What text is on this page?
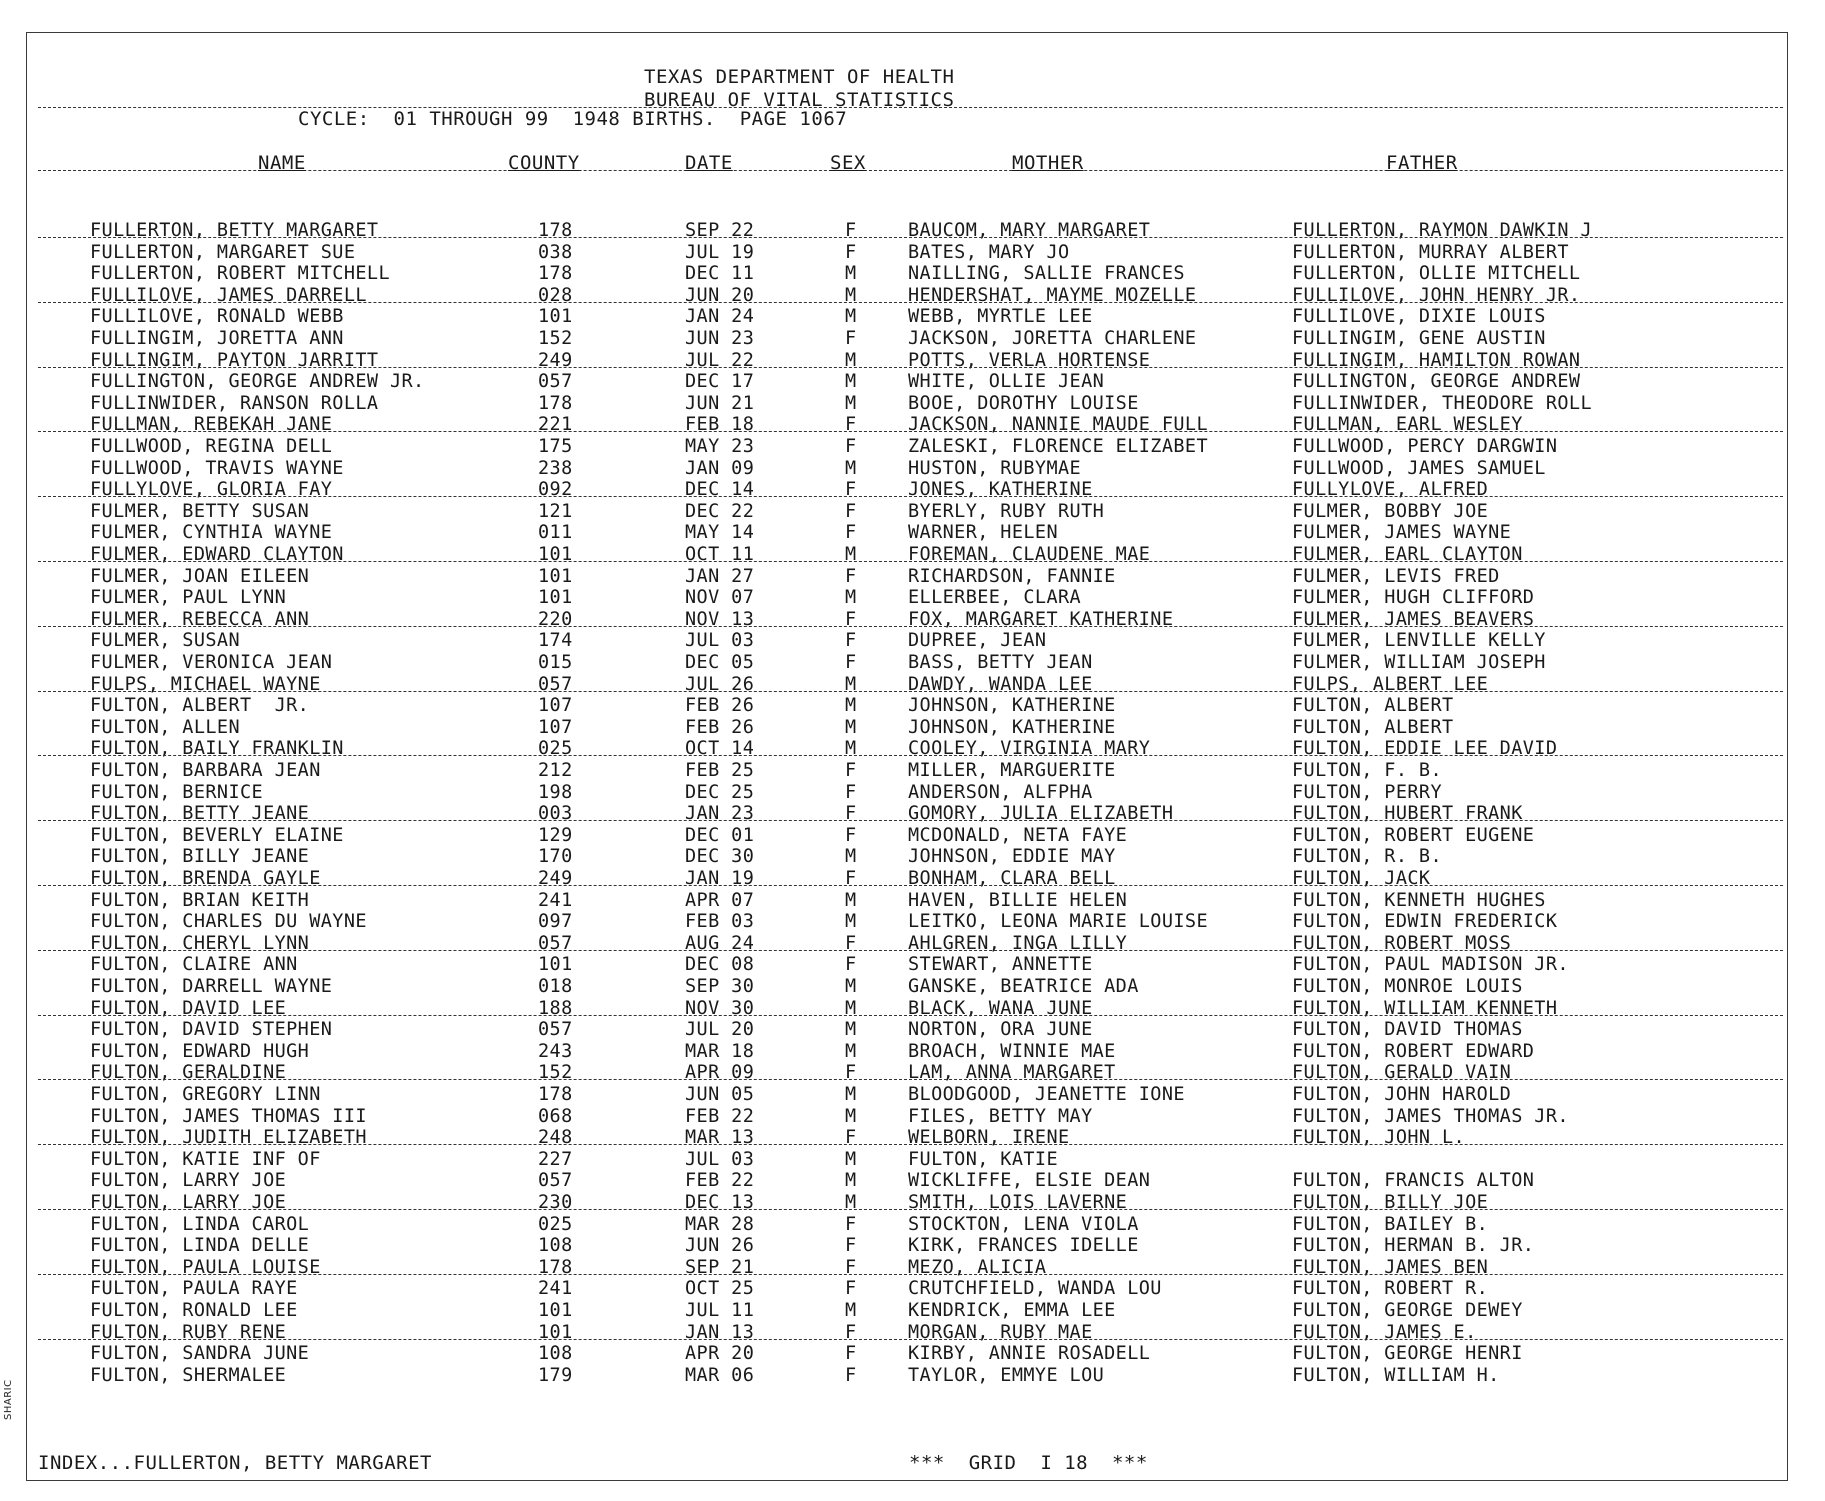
SHARIC
TEXAS DEPARTMENT OF HEALTH
BUREAU OF VITAL STATISTICS
CYCLE:  01 THROUGH 99  1948 BIRTHS.  PAGE 1067
NAME	COUNTY	DATE	SEX	MOTHER	FATHER
FULLERTON, BETTY MARGARET	178	SEP 22	F	BAUCOM, MARY MARGARET	FULLERTON, RAYMON DAWKIN J
FULLERTON, MARGARET SUE	038	JUL 19	F	BATES, MARY JO	FULLERTON, MURRAY ALBERT
FULLERTON, ROBERT MITCHELL	178	DEC 11	M	NAILLING, SALLIE FRANCES	FULLERTON, OLLIE MITCHELL
FULLILOVE, JAMES DARRELL	028	JUN 20	M	HENDERSHAT, MAYME MOZELLE	FULLILOVE, JOHN HENRY JR.
FULLILOVE, RONALD WEBB	101	JAN 24	M	WEBB, MYRTLE LEE	FULLILOVE, DIXIE LOUIS
FULLINGIM, JORETTA ANN	152	JUN 23	F	JACKSON, JORETTA CHARLENE	FULLINGIM, GENE AUSTIN
FULLINGIM, PAYTON JARRITT	249	JUL 22	M	POTTS, VERLA HORTENSE	FULLINGIM, HAMILTON ROWAN
FULLINGTON, GEORGE ANDREW JR.	057	DEC 17	M	WHITE, OLLIE JEAN	FULLINGTON, GEORGE ANDREW
FULLINWIDER, RANSON ROLLA	178	JUN 21	M	BOOE, DOROTHY LOUISE	FULLINWIDER, THEODORE ROLL
FULLMAN, REBEKAH JANE	221	FEB 18	F	JACKSON, NANNIE MAUDE FULL	FULLMAN, EARL WESLEY
FULLWOOD, REGINA DELL	175	MAY 23	F	ZALESKI, FLORENCE ELIZABET	FULLWOOD, PERCY DARGWIN
FULLWOOD, TRAVIS WAYNE	238	JAN 09	M	HUSTON, RUBYMAE	FULLWOOD, JAMES SAMUEL
FULLYLOVE, GLORIA FAY	092	DEC 14	F	JONES, KATHERINE	FULLYLOVE, ALFRED
FULMER, BETTY SUSAN	121	DEC 22	F	BYERLY, RUBY RUTH	FULMER, BOBBY JOE
FULMER, CYNTHIA WAYNE	011	MAY 14	F	WARNER, HELEN	FULMER, JAMES WAYNE
FULMER, EDWARD CLAYTON	101	OCT 11	M	FOREMAN, CLAUDENE MAE	FULMER, EARL CLAYTON
FULMER, JOAN EILEEN	101	JAN 27	F	RICHARDSON, FANNIE	FULMER, LEVIS FRED
FULMER, PAUL LYNN	101	NOV 07	M	ELLERBEE, CLARA	FULMER, HUGH CLIFFORD
FULMER, REBECCA ANN	220	NOV 13	F	FOX, MARGARET KATHERINE	FULMER, JAMES BEAVERS
FULMER, SUSAN	174	JUL 03	F	DUPREE, JEAN	FULMER, LENVILLE KELLY
FULMER, VERONICA JEAN	015	DEC 05	F	BASS, BETTY JEAN	FULMER, WILLIAM JOSEPH
FULPS, MICHAEL WAYNE	057	JUL 26	M	DAWDY, WANDA LEE	FULPS, ALBERT LEE
FULTON, ALBERT  JR.	107	FEB 26	M	JOHNSON, KATHERINE	FULTON, ALBERT
FULTON, ALLEN	107	FEB 26	M	JOHNSON, KATHERINE	FULTON, ALBERT
FULTON, BAILY FRANKLIN	025	OCT 14	M	COOLEY, VIRGINIA MARY	FULTON, EDDIE LEE DAVID
FULTON, BARBARA JEAN	212	FEB 25	F	MILLER, MARGUERITE	FULTON, F. B.
FULTON, BERNICE	198	DEC 25	F	ANDERSON, ALFPHA	FULTON, PERRY
FULTON, BETTY JEANE	003	JAN 23	F	GOMORY, JULIA ELIZABETH	FULTON, HUBERT FRANK
FULTON, BEVERLY ELAINE	129	DEC 01	F	MCDONALD, NETA FAYE	FULTON, ROBERT EUGENE
FULTON, BILLY JEANE	170	DEC 30	M	JOHNSON, EDDIE MAY	FULTON, R. B.
FULTON, BRENDA GAYLE	249	JAN 19	F	BONHAM, CLARA BELL	FULTON, JACK
FULTON, BRIAN KEITH	241	APR 07	M	HAVEN, BILLIE HELEN	FULTON, KENNETH HUGHES
FULTON, CHARLES DU WAYNE	097	FEB 03	M	LEITKO, LEONA MARIE LOUISE	FULTON, EDWIN FREDERICK
FULTON, CHERYL LYNN	057	AUG 24	F	AHLGREN, INGA LILLY	FULTON, ROBERT MOSS
FULTON, CLAIRE ANN	101	DEC 08	F	STEWART, ANNETTE	FULTON, PAUL MADISON JR.
FULTON, DARRELL WAYNE	018	SEP 30	M	GANSKE, BEATRICE ADA	FULTON, MONROE LOUIS
FULTON, DAVID LEE	188	NOV 30	M	BLACK, WANA JUNE	FULTON, WILLIAM KENNETH
FULTON, DAVID STEPHEN	057	JUL 20	M	NORTON, ORA JUNE	FULTON, DAVID THOMAS
FULTON, EDWARD HUGH	243	MAR 18	M	BROACH, WINNIE MAE	FULTON, ROBERT EDWARD
FULTON, GERALDINE	152	APR 09	F	LAM, ANNA MARGARET	FULTON, GERALD VAIN
FULTON, GREGORY LINN	178	JUN 05	M	BLOODGOOD, JEANETTE IONE	FULTON, JOHN HAROLD
FULTON, JAMES THOMAS III	068	FEB 22	M	FILES, BETTY MAY	FULTON, JAMES THOMAS JR.
FULTON, JUDITH ELIZABETH	248	MAR 13	F	WELBORN, IRENE	FULTON, JOHN L.
FULTON, KATIE INF OF	227	JUL 03	M	FULTON, KATIE
FULTON, LARRY JOE	057	FEB 22	M	WICKLIFFE, ELSIE DEAN	FULTON, FRANCIS ALTON
FULTON, LARRY JOE	230	DEC 13	M	SMITH, LOIS LAVERNE	FULTON, BILLY JOE
FULTON, LINDA CAROL	025	MAR 28	F	STOCKTON, LENA VIOLA	FULTON, BAILEY B.
FULTON, LINDA DELLE	108	JUN 26	F	KIRK, FRANCES IDELLE	FULTON, HERMAN B. JR.
FULTON, PAULA LOUISE	178	SEP 21	F	MEZO, ALICIA	FULTON, JAMES BEN
FULTON, PAULA RAYE	241	OCT 25	F	CRUTCHFIELD, WANDA LOU	FULTON, ROBERT R.
FULTON, RONALD LEE	101	JUL 11	M	KENDRICK, EMMA LEE	FULTON, GEORGE DEWEY
FULTON, RUBY RENE	101	JAN 13	F	MORGAN, RUBY MAE	FULTON, JAMES E.
FULTON, SANDRA JUNE	108	APR 20	F	KIRBY, ANNIE ROSADELL	FULTON, GEORGE HENRI
FULTON, SHERMALEE	179	MAR 06	F	TAYLOR, EMMYE LOU	FULTON, WILLIAM H.
INDEX...FULLERTON, BETTY MARGARET	***  GRID  I 18  ***
